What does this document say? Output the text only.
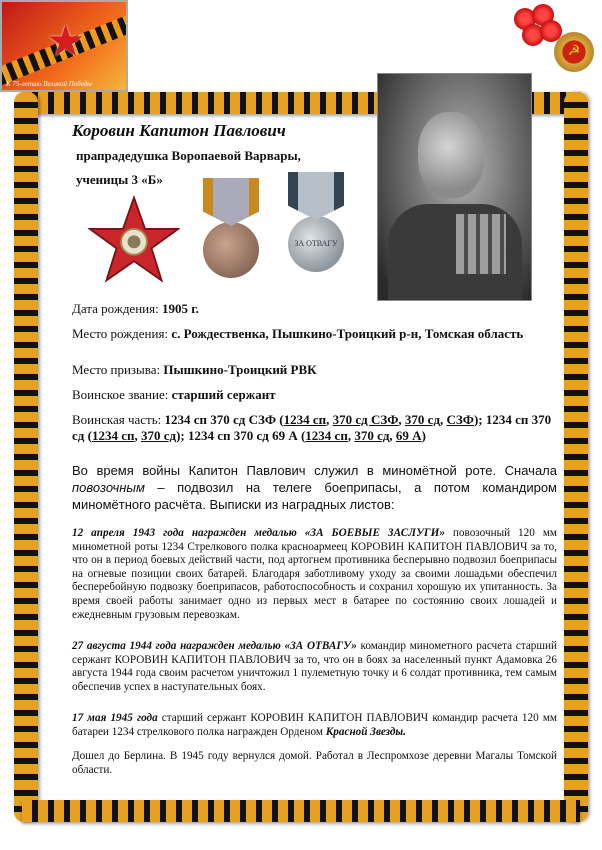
★
К 75-летию Великой Победы
☭
Коровин Капитон Павлович
прапрадедушка Воропаевой Варвары,
ученицы 3 «Б»
ЗА ОТВАГУ

Дата рождения: 1905 г.

Место рождения: с. Рождественка, Пышкино-Троицкий р-н, Томская область

Место призыва: Пышкино-Троицкий РВК

Воинское звание: старший сержант

Воинская часть: 1234 сп 370 сд СЗФ (1234 сп, 370 сд СЗФ, 370 сд, СЗФ); 1234 сп 370 сд (1234 сп, 370 сд); 1234 сп 370 сд 69 А (1234 сп, 370 сд, 69 А)

Во время войны Капитон Павлович служил в миномётной роте. Сначала повозочным – подвозил на телеге боеприпасы, а потом командиром миномётного расчёта. Выписки из наградных листов:

12 апреля 1943 года награжден медалью «ЗА БОЕВЫЕ ЗАСЛУГИ» повозочный 120 мм минометной роты 1234 Стрелкового полка красноармеец КОРОВИН КАПИТОН ПАВЛОВИЧ за то, что он в период боевых действий части, под артогнем противника бесперывно подвозил боеприпасы на огневые позиции своих батарей. Благодаря заботливому уходу за своими лошадьми обеспечил бесперебойную подвозку боеприпасов, работоспособность и сохранил хорошую их упитанность. За время своей работы занимает одно из первых мест в батарее по состоянию своих лошадей и ежедневным грузовым перевозкам.

27 августа 1944 года награжден медалью «ЗА ОТВАГУ» командир минометного расчета старший сержант КОРОВИН КАПИТОН ПАВЛОВИЧ за то, что он в боях за населенный пункт Адамовка 26 августа 1944 года своим расчетом уничтожил 1 пулеметную точку и 6 солдат противника, тем самым обеспечив успех в наступательных боях.

17 мая 1945 года старший сержант КОРОВИН КАПИТОН ПАВЛОВИЧ командир расчета 120 мм батареи 1234 стрелкового полка награжден Орденом Красной Звезды.

Дошел до Берлина. В 1945 году вернулся домой. Работал в Леспромхозе деревни Магалы Томской области.
